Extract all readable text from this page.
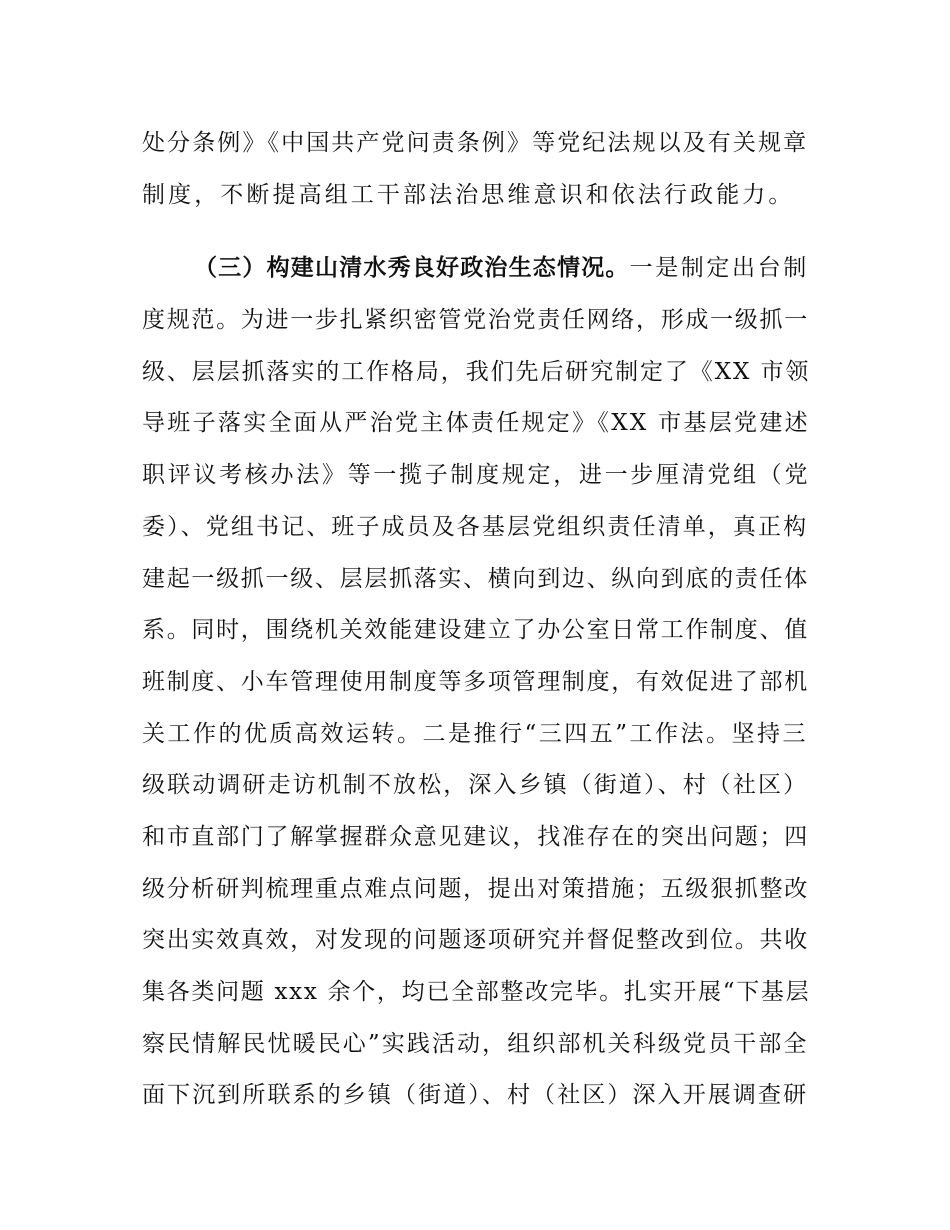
处分条例》《中国共产党问责条例》等党纪法规以及有关规章
制度，不断提高组工干部法治思维意识和依法行政能力。
（三）构建山清水秀良好政治生态情况。一是制定出台制
度规范。为进一步扎紧织密管党治党责任网络，形成一级抓一
级、层层抓落实的工作格局，我们先后研究制定了《XX 市领
导班子落实全面从严治党主体责任规定》《XX 市基层党建述
职评议考核办法》等一揽子制度规定，进一步厘清党组（党
委）、党组书记、班子成员及各基层党组织责任清单，真正构
建起一级抓一级、层层抓落实、横向到边、纵向到底的责任体
系。同时，围绕机关效能建设建立了办公室日常工作制度、值
班制度、小车管理使用制度等多项管理制度，有效促进了部机
关工作的优质高效运转。二是推行“三四五”工作法。坚持三
级联动调研走访机制不放松，深入乡镇（街道）、村（社区）
和市直部门了解掌握群众意见建议，找准存在的突出问题；四
级分析研判梳理重点难点问题，提出对策措施；五级狠抓整改
突出实效真效，对发现的问题逐项研究并督促整改到位。共收
集各类问题 xxx 余个，均已全部整改完毕。扎实开展“下基层
察民情解民忧暖民心”实践活动，组织部机关科级党员干部全
面下沉到所联系的乡镇（街道）、村（社区）深入开展调查研
